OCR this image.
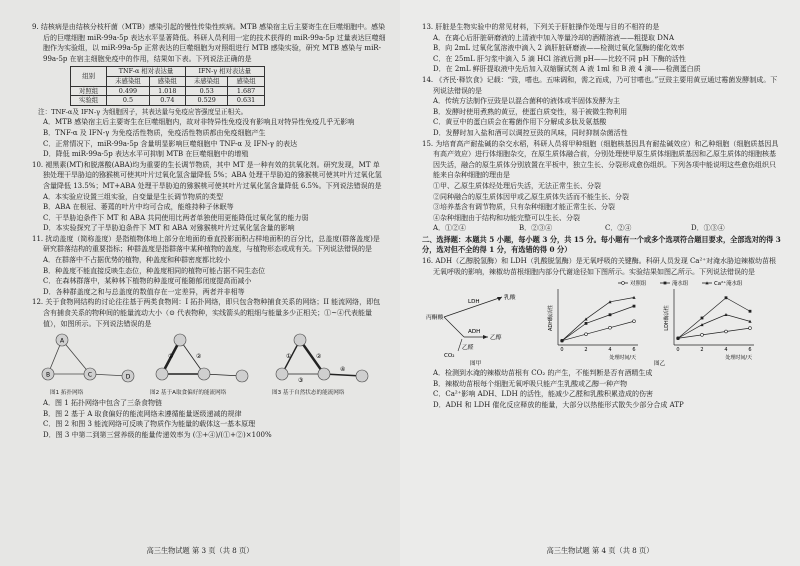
9. 结核病是由结核分枝杆菌（MTB）感染引起的慢性传染性疾病。MTB 感染宿主后主要寄生在巨噬细胞中。感染后的巨噬细胞 miR-99a-5p 表达水平显著降低。科研人员利用一定的技术获得的 miR-99a-5p 过量表达巨噬细胞作为实验组，以 miR-99a-5p 正常表达的巨噬细胞为对照组进行 MTB 感染实验，研究 MTB 感染与 miR-99a-5p 在宿主细胞免疫中的作用，结果如下表。下列说法正确的是

组别	TNF-α 相对表达量		IFN-γ 相对表达量	
	未感染组	感染组	未感染组	感染组
对照组	0.499	1.018	0.53	1.687
实验组	0.5	0.74	0.529	0.631

注：TNF-α及 IFN-γ 为细胞因子，其表达量与免疫应答强度呈正相关。

A．MTB 感染宿主后主要寄生在巨噬细胞内，故对非特异性免疫没有影响且对特异性免疫几乎无影响

B．TNF-α 及 IFN-γ 为免疫活性物质，免疫活性物质都由免疫细胞产生

C．正常情况下，miR-99a-5p 含量明显影响巨噬细胞中 TNF-α 及 IFN-γ 的表达

D．降低 miR-99a-5p 表达水平可抑制 MTB 在巨噬细胞中的增殖

10. 褪黑素(MT)和脱落酸(ABA)均为重要的生长调节物质，其中 MT 是一种有效的抗氧化剂。研究发现，MT 单独处理干旱胁迫的猕猴桃可使其叶片过氧化氢含量降低 5%；ABA 处理干旱胁迫的猕猴桃可使其叶片过氧化氢含量降低 13.5%；MT+ABA 处理干旱胁迫的猕猴桃可使其叶片过氧化氢含量降低 6.5%。下列说法错误的是

A．本实验应设置三组实验，自变量是生长调节物质的类型

B．ABA 在根冠、萎蔫的叶片中均可合成，能维持种子休眠等

C．干旱胁迫条件下 MT 和 ABA 共同使用比两者单独使用更能降低过氧化氢的能力弱

D．本实验探究了干旱胁迫条件下 MT 和 ABA 对猕猴桃叶片过氧化氢含量的影响

11. 扰动盖度（简称盖度）是指植物体地上部分在地面的垂直投影面积占样地面积的百分比，总盖度(群落盖度)是研究群落结构的重要指标；种群盖度是指群落中某种植物的盖度，与植物形态或成有关。下列说法错误的是

A．在群落中不占据优势的植物，种盖度和种群密度都比较小

B．种盖度不能直接反映生态位，种盖度相同的植物可能占据不同生态位

C．在森林群落中，某种林下植物的种盖度可能随郁闭度提高而减小

D．各种群盖度之和与总盖度的数值存在一定差异，两者并非相等

12. 关于食物网结构的讨论往往基于两类食物网：I 拓扑网络，即只包含物种捕食关系的网络；II 能流网络，即包含有捕食关系的物种间的能量流动大小（⊙ 代表物种，实线箭头的粗细与能量多少正相关；①~④代表能量值），如图所示。下列说法错误的是

A
B	C	D
①	②	①	②
③
④
图1 拓扑网络	图2 基于A取食偏好的能流网络	图3 基于自然状态的能流网络

A．图 1 拓扑网络中包含了三条食物链

B．图 2 基于 A 取食偏好的能流网络未遵循能量逐级递减的规律

C．图 2 和图 3 能流网络可反映了物质作为能量的载体这一基本原理

D．图 3 中第二到第三营养级的能量传递效率为 (③+④)/(①+②)×100%

高三生物试题 第 3 页（共 8 页）

13. 肝脏是生物实验中的常见材料，下列关于肝脏操作处理与目的不相符的是

A．在离心后肝脏研磨液的上清液中加入等量冷却的酒精溶液——粗提取 DNA

B．向 2mL 过氧化氢溶液中滴入 2 滴肝脏研磨液——检测过氧化氢酶的催化效率

C．在 25mL 肝匀浆中滴入 5 滴 HCl 溶液后测 pH——比较不同 pH 下酶的活性

D．在 2mL 鲜肝提取液中先后加入双缩脲试剂 A 液 1ml 和 B 液 4 滴——检测蛋白质

14. 《齐民·释饮食》记载：“豉，嗜也。五味调和，需之而成，乃可甘嗜也。”豆豉主要用黄豆通过霉菌发酵制成。下列说法错误的是

A．传统方法制作豆豉是以混合菌种的液体或半固体发酵为主

B．发酵时使用煮熟的黄豆，使蛋白质变性，易于被微生物利用

C．黄豆中的蛋白质会在霉菌作用下分解成多肽及氨基酸

D．发酵时加入盐和酒可以调控豆豉的风味，同时抑制杂菌活性

15. 为培育高产耐盐碱的杂交水稻，科研人员将甲种细胞（细胞核基因具有耐盐碱效应）和乙种细胞（细胞质基因具有高产效应）进行体细胞杂交，在原生质体融合前，分别处理使甲原生质体细胞质基因和乙原生质体的细胞核基因失活，融合的原生质体分别放置在平板中，独立生长、分裂形成愈伤组织。下列各项中能说明这些愈伤组织只能来自杂种细胞的理由是

①甲、乙原生质体经处理后失活，无法正常生长、分裂

②同种融合的原生质体因甲或乙原生质体失活而不能生长、分裂

③培养基含有调节物质，只有杂种细胞才能正常生长、分裂

④杂种细胞由于结构和功能完整可以生长、分裂

A．①②④	B．②③④	C．②④	D．①③④

二、选择题：本题共 5 小题，每小题 3 分，共 15 分。每小题有一个或多个选项符合题目要求，全部选对的得 3 分，选对但不全的得 1 分，有选错的得 0 分）

16. ADH（乙醇脱氢酶）和 LDH（乳酸脱氢酶）是无氧呼吸的关键酶。科研人员发现 Ca²⁺对淹水胁迫辣椒幼苗根无氧呼吸的影响，辣椒幼苗根细胞内部分代谢途径如下图所示。实验结果如图乙所示。下列说法错误的是

丙酮酸
LDH
乳酸
ADH
乙醇
乙醛
CO₂
图甲
ADH酶活性
处理时间/天
0	2	4	6
LDH酶活性
处理时间/天
0	2	4	6
对照组	淹水组	Ca²⁺淹水组
图乙

A．检测到水淹的辣椒幼苗根有 CO₂ 的产生，不能判断是否有酒精生成

B．辣椒幼苗根每个细胞无氧呼吸只能产生乳酸或乙醇一种产物

C．Ca²⁺影响 ADH、LDH 的活性，能减少乙醛和乳酸积累造成的伤害

D．ADH 和 LDH 催化反应释放的能量，大部分以热能形式散失少部分合成 ATP

高三生物试题 第 4 页（共 8 页）
